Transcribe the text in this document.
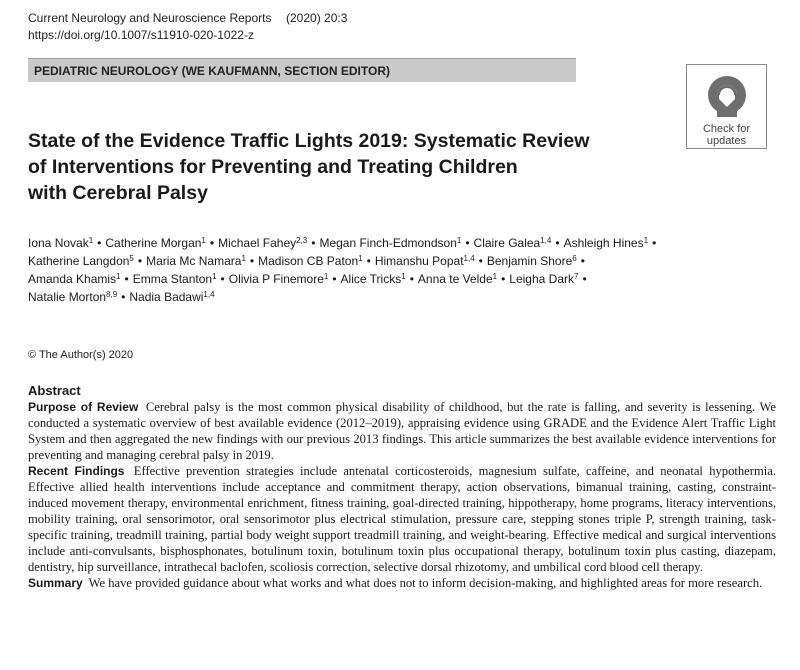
Current Neurology and Neuroscience Reports	(2020) 20:3
https://doi.org/10.1007/s11910-020-1022-z
PEDIATRIC NEUROLOGY (WE KAUFMANN, SECTION EDITOR)
Check for
updates
State of the Evidence Traffic Lights 2019: Systematic Review
of Interventions for Preventing and Treating Children
with Cerebral Palsy
Iona Novak$^1$ • Catherine Morgan$^1$ • Michael Fahey$^{2,3}$ • Megan Finch-Edmondson$^1$ • Claire Galea$^{1,4}$ • Ashleigh Hines$^1$ •
Katherine Langdon$^5$ • Maria Mc Namara$^1$ • Madison CB Paton$^1$ • Himanshu Popat$^{1,4}$ • Benjamin Shore$^6$ •
Amanda Khamis$^1$ • Emma Stanton$^1$ • Olivia P Finemore$^1$ • Alice Tricks$^1$ • Anna te Velde$^1$ • Leigha Dark$^7$ •
Natalie Morton$^{8,9}$ • Nadia Badawi$^{1,4}$
© The Author(s) 2020
Abstract

Purpose of Review Cerebral palsy is the most common physical disability of childhood, but the rate is falling, and severity is lessening. We conducted a systematic overview of best available evidence (2012–2019), appraising evidence using GRADE and the Evidence Alert Traffic Light System and then aggregated the new findings with our previous 2013 findings. This article summarizes the best available evidence interventions for preventing and managing cerebral palsy in 2019.

Recent Findings Effective prevention strategies include antenatal corticosteroids, magnesium sulfate, caffeine, and neonatal hypothermia. Effective allied health interventions include acceptance and commitment therapy, action observations, bimanual training, casting, constraint-induced movement therapy, environmental enrichment, fitness training, goal-directed training, hippotherapy, home programs, literacy interventions, mobility training, oral sensorimotor, oral sensorimotor plus electrical stimulation, pressure care, stepping stones triple P, strength training, task-specific training, treadmill training, partial body weight support treadmill training, and weight-bearing. Effective medical and surgical interventions include anti-convulsants, bisphosphonates, botulinum toxin, botulinum toxin plus occupational therapy, botulinum toxin plus casting, diazepam, dentistry, hip surveillance, intrathecal baclofen, scoliosis correction, selective dorsal rhizotomy, and umbilical cord blood cell therapy.

Summary We have provided guidance about what works and what does not to inform decision-making, and highlighted areas for more research.
